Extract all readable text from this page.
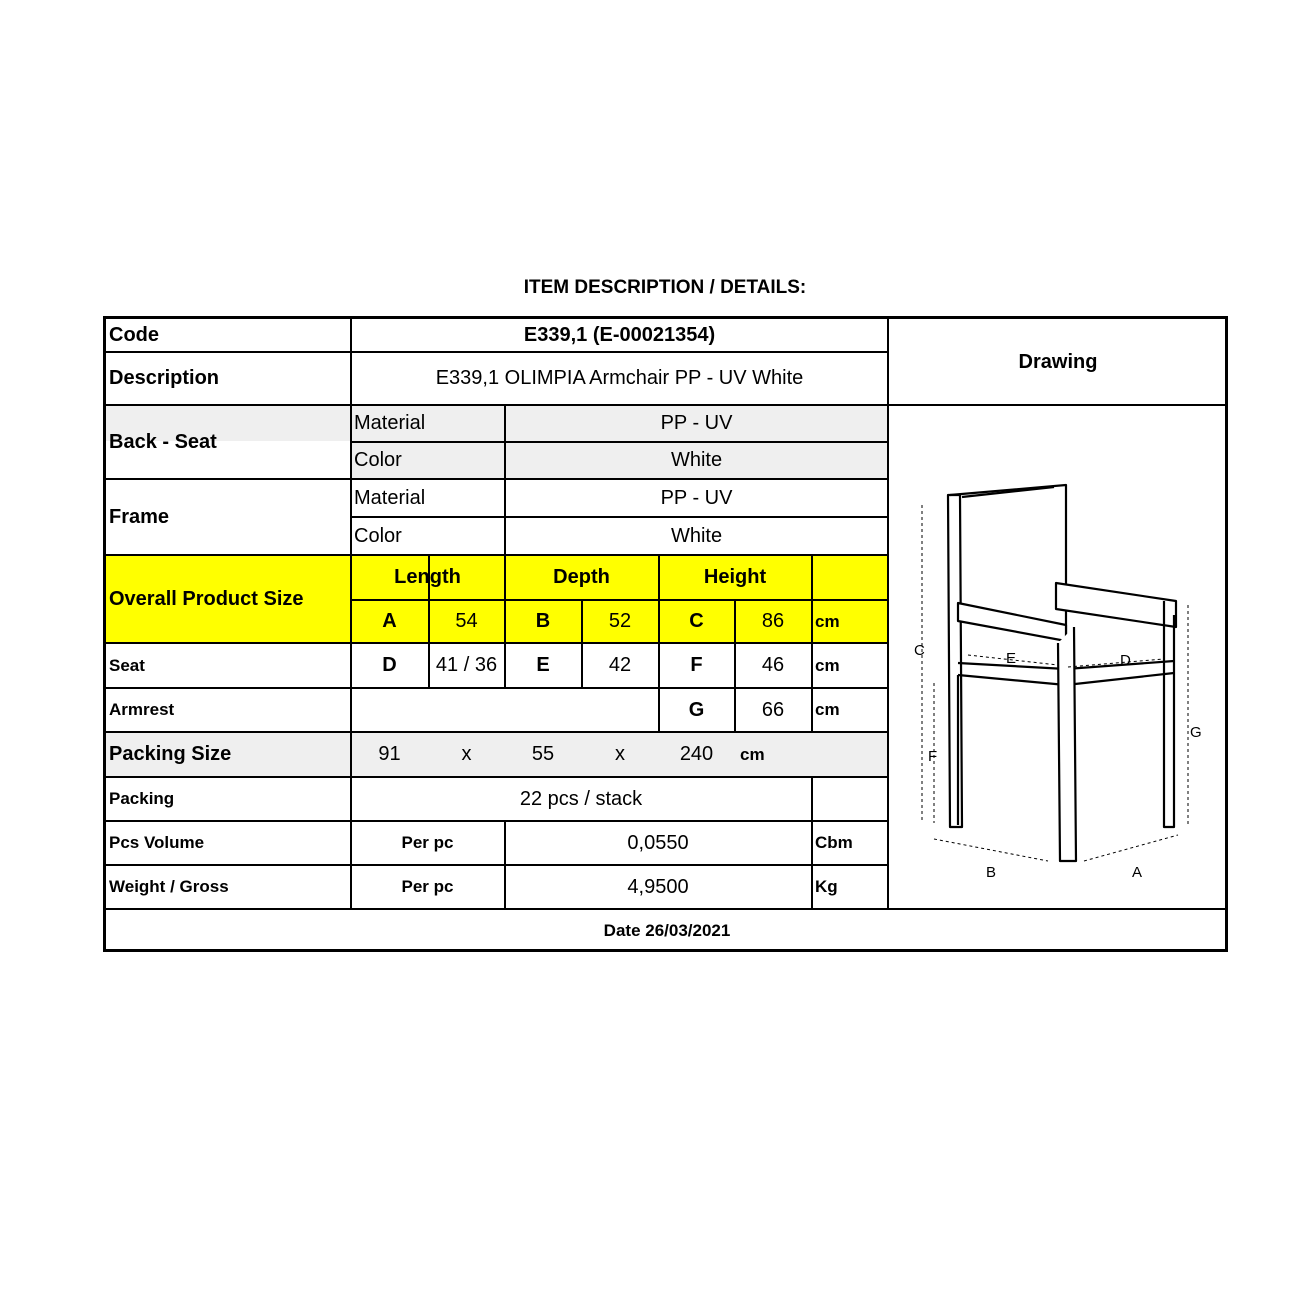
ITEM DESCRIPTION / DETAILS:
Code	E339,1 (E-00021354)
Description	E339,1 OLIMPIA Armchair PP - UV White
Drawing
Back - Seat
Material	PP - UV
Color	White
Frame
Material	PP - UV
Color	White
Overall Product Size
Length	Depth	Height
A	54	B	52	C	86	cm
Seat	D	41 / 36	E	42	F	46	cm
Armrest	G	66	cm
Packing Size	91	x	55	x	240	cm
Packing	22 pcs / stack
Pcs Volume	Per pc	0,0550	Cbm
Weight / Gross	Per pc	4,9500	Kg
Date 26/03/2021
C
F
G
E	D
B	A
